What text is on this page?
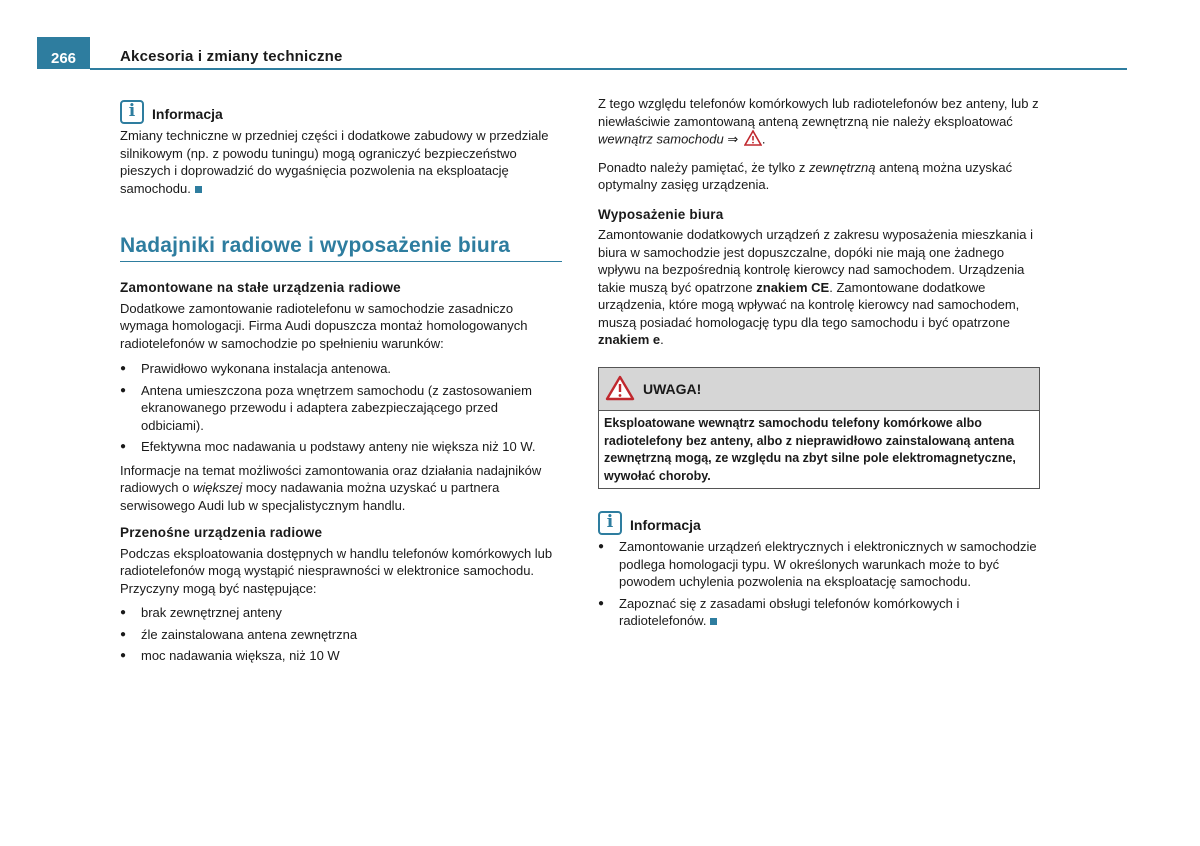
266	Akcesoria i zmiany techniczne
i	Informacja

Zmiany techniczne w przedniej części i dodatkowe zabudowy w przedziale silnikowym (np. z powodu tuningu) mogą ograniczyć bezpieczeństwo pieszych i doprowadzić do wygaśnięcia pozwolenia na eksploatację samochodu.

Nadajniki radiowe i wyposażenie biura
Zamontowane na stałe urządzenia radiowe

Dodatkowe zamontowanie radiotelefonu w samochodzie zasadniczo wymaga homologacji. Firma Audi dopuszcza montaż homologowanych radiotelefonów w samochodzie po spełnieniu warunków:

● Prawidłowo wykonana instalacja antenowa.
● Antena umieszczona poza wnętrzem samochodu (z zastosowaniem ekranowanego przewodu i adaptera zabezpieczającego przed odbiciami).
● Efektywna moc nadawania u podstawy anteny nie większa niż 10 W.

Informacje na temat możliwości zamontowania oraz działania nadajników radiowych o większej mocy nadawania można uzyskać u partnera serwisowego Audi lub w specjalistycznym handlu.

Przenośne urządzenia radiowe

Podczas eksploatowania dostępnych w handlu telefonów komórkowych lub radiotelefonów mogą wystąpić niesprawności w elektronice samochodu. Przyczyny mogą być następujące:

● brak zewnętrznej anteny
● źle zainstalowana antena zewnętrzna
● moc nadawania większa, niż 10 W

Z tego względu telefonów komórkowych lub radiotelefonów bez anteny, lub z niewłaściwie zamontowaną anteną zewnętrzną nie należy eksploatować wewnątrz samochodu ⇒ .

Ponadto należy pamiętać, że tylko z zewnętrzną anteną można uzyskać optymalny zasięg urządzenia.

Wyposażenie biura

Zamontowanie dodatkowych urządzeń z zakresu wyposażenia mieszkania i biura w samochodzie jest dopuszczalne, dopóki nie mają one żadnego wpływu na bezpośrednią kontrolę kierowcy nad samochodem. Urządzenia takie muszą być opatrzone znakiem CE. Zamontowane dodatkowe urządzenia, które mogą wpływać na kontrolę kierowcy nad samochodem, muszą posiadać homologację typu dla tego samochodu i być opatrzone znakiem e.

UWAGA!
Eksploatowane wewnątrz samochodu telefony komórkowe albo radiotelefony bez anteny, albo z nieprawidłowo zainstalowaną antena zewnętrzną mogą, ze względu na zbyt silne pole elektromagnetyczne, wywołać choroby.
i	Informacja
● Zamontowanie urządzeń elektrycznych i elektronicznych w samochodzie podlega homologacji typu. W określonych warunkach może to być powodem uchylenia pozwolenia na eksploatację samochodu.
● Zapoznać się z zasadami obsługi telefonów komórkowych i radiotelefonów.
